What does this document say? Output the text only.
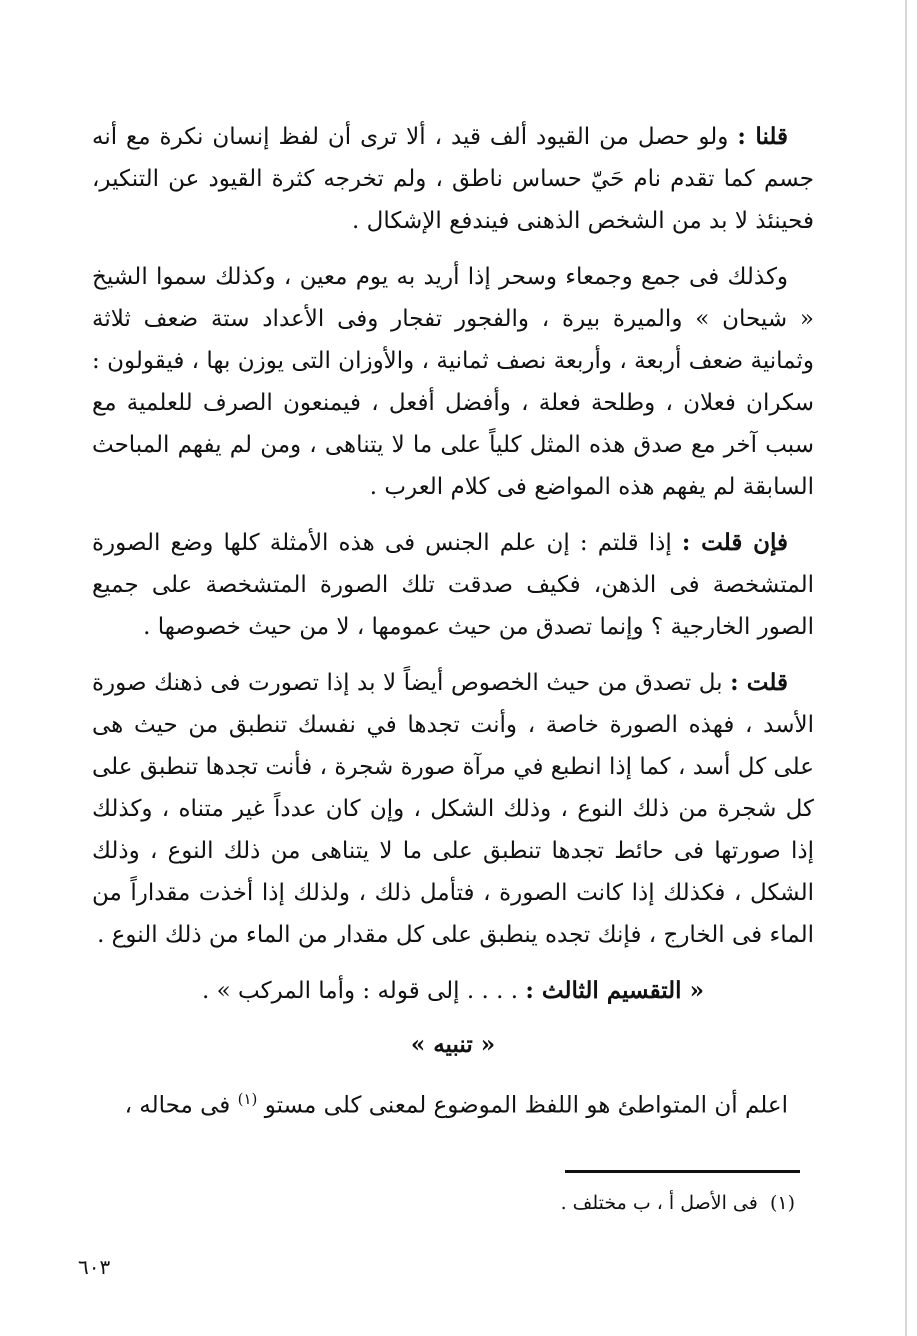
قلنا : ولو حصل من القيود ألف قيد ، ألا ترى أن لفظ إنسان نكرة مع أنه جسم كما تقدم نام حَيّ حساس ناطق ، ولم تخرجه كثرة القيود عن التنكير، فحينئذ لا بد من الشخص الذهنى فيندفع الإشكال .

وكذلك فى جمع وجمعاء وسحر إذا أريد به يوم معين ، وكذلك سموا الشيخ « شيحان » والميرة بيرة ، والفجور تفجار وفى الأعداد ستة ضعف ثلاثة وثمانية ضعف أربعة ، وأربعة نصف ثمانية ، والأوزان التى يوزن بها ، فيقولون : سكران فعلان ، وطلحة فعلة ، وأفضل أفعل ، فيمنعون الصرف للعلمية مع سبب آخر مع صدق هذه المثل كلياً على ما لا يتناهى ، ومن لم يفهم المباحث السابقة لم يفهم هذه المواضع فى كلام العرب .

فإن قلت : إذا قلتم : إن علم الجنس فى هذه الأمثلة كلها وضع الصورة المتشخصة فى الذهن، فكيف صدقت تلك الصورة المتشخصة على جميع الصور الخارجية ؟ وإنما تصدق من حيث عمومها ، لا من حيث خصوصها .

قلت : بل تصدق من حيث الخصوص أيضاً لا بد إذا تصورت فى ذهنك صورة الأسد ، فهذه الصورة خاصة ، وأنت تجدها في نفسك تنطبق من حيث هى على كل أسد ، كما إذا انطبع في مرآة صورة شجرة ، فأنت تجدها تنطبق على كل شجرة من ذلك النوع ، وذلك الشكل ، وإن كان عدداً غير متناه ، وكذلك إذا صورتها فى حائط تجدها تنطبق على ما لا يتناهى من ذلك النوع ، وذلك الشكل ، فكذلك إذا كانت الصورة ، فتأمل ذلك ، ولذلك إذا أخذت مقداراً من الماء فى الخارج ، فإنك تجده ينطبق على كل مقدار من الماء من ذلك النوع .

« التقسيم الثالث : . . . . إلى قوله : وأما المركب » .

« تنبيه »

اعلم أن المتواطئ هو اللفظ الموضوع لمعنى كلى مستو $^{(١)}$ فى محاله ،

(١)  فى الأصل أ ، ب مختلف .
٦٠٣
